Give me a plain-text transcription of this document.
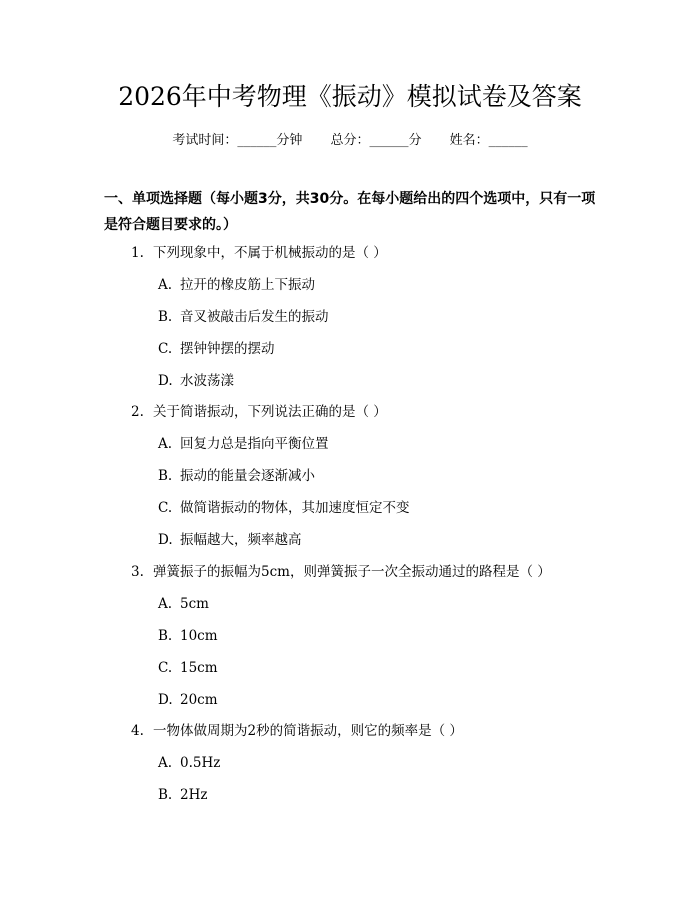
2026年中考物理《振动》模拟试卷及答案
考试时间：______分钟 总分：______分 姓名：______
一、单项选择题（每小题3分，共30分。在每小题给出的四个选项中，只有一项是符合题目要求的。）
1. 下列现象中，不属于机械振动的是（ ）
A. 拉开的橡皮筋上下振动
B. 音叉被敲击后发生的振动
C. 摆钟钟摆的摆动
D. 水波荡漾
2. 关于简谐振动，下列说法正确的是（ ）
A. 回复力总是指向平衡位置
B. 振动的能量会逐渐减小
C. 做简谐振动的物体，其加速度恒定不变
D. 振幅越大，频率越高
3. 弹簧振子的振幅为5cm，则弹簧振子一次全振动通过的路程是（ ）
A. 5cm
B. 10cm
C. 15cm
D. 20cm
4. 一物体做周期为2秒的简谐振动，则它的频率是（ ）
A. 0.5Hz
B. 2Hz
